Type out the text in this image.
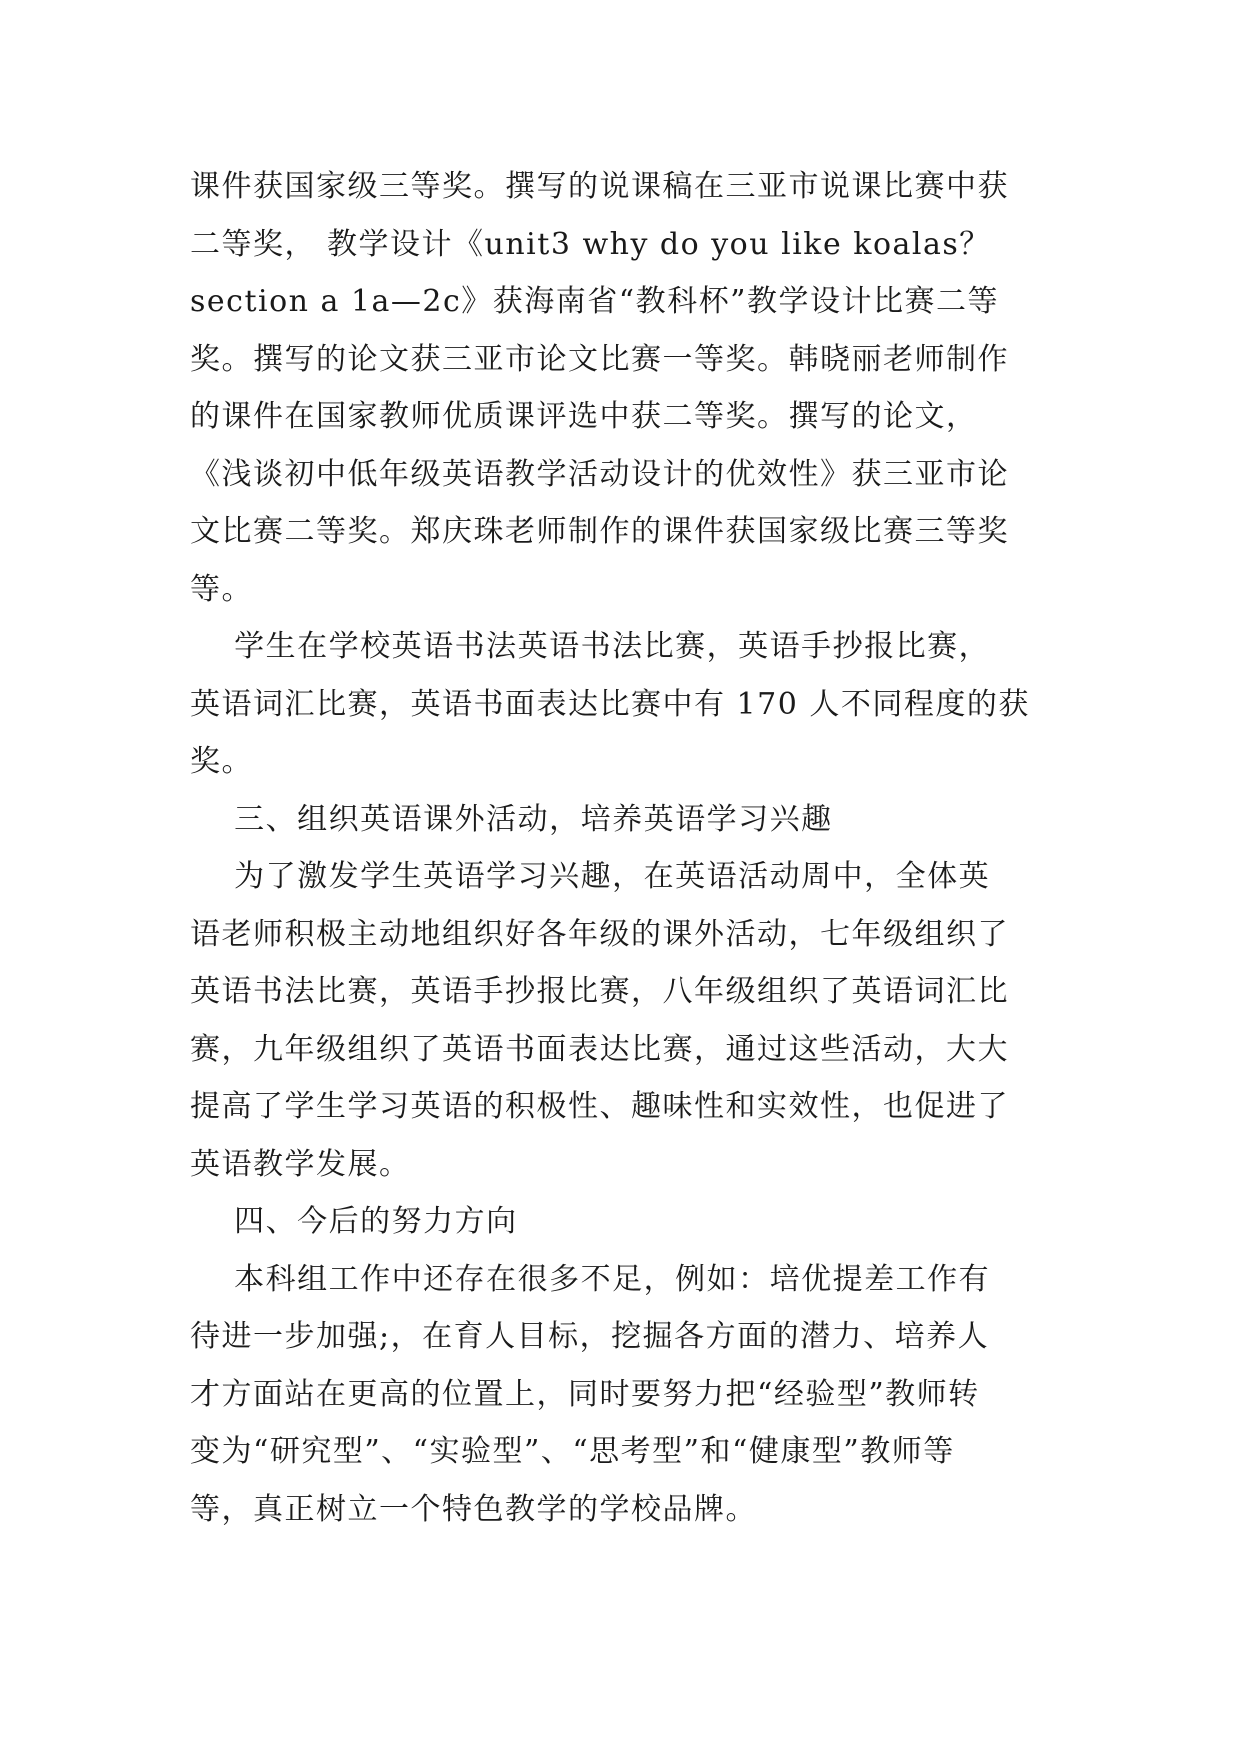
课件获国家级三等奖。撰写的说课稿在三亚市说课比赛中获
二等奖， 教学设计《unit3 why do you like koalas？
section a 1a—2c》获海南省“教科杯”教学设计比赛二等
奖。撰写的论文获三亚市论文比赛一等奖。韩晓丽老师制作
的课件在国家教师优质课评选中获二等奖。撰写的论文，
《浅谈初中低年级英语教学活动设计的优效性》获三亚市论
文比赛二等奖。郑庆珠老师制作的课件获国家级比赛三等奖
等。
学生在学校英语书法英语书法比赛，英语手抄报比赛，
英语词汇比赛，英语书面表达比赛中有 170 人不同程度的获
奖。
三、组织英语课外活动，培养英语学习兴趣
为了激发学生英语学习兴趣，在英语活动周中，全体英
语老师积极主动地组织好各年级的课外活动，七年级组织了
英语书法比赛，英语手抄报比赛，八年级组织了英语词汇比
赛，九年级组织了英语书面表达比赛，通过这些活动，大大
提高了学生学习英语的积极性、趣味性和实效性，也促进了
英语教学发展。
四、今后的努力方向
本科组工作中还存在很多不足，例如：培优提差工作有
待进一步加强;，在育人目标，挖掘各方面的潜力、培养人
才方面站在更高的位置上，同时要努力把“经验型”教师转
变为“研究型”、“实验型”、“思考型”和“健康型”教师等
等，真正树立一个特色教学的学校品牌。
